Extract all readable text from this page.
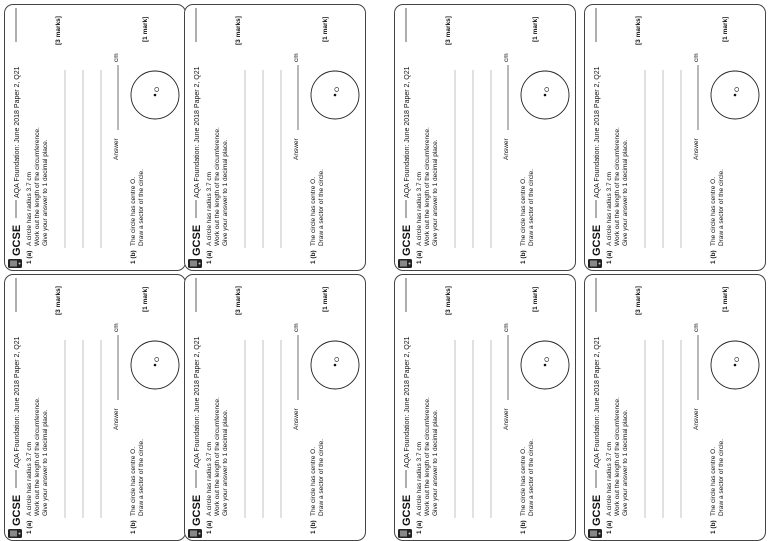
GCSE
AQA Foundation: June 2018 Paper 2, Q21
1 (a)
A circle has radius 3.7 cm Work out the length of the circumference. Give your answer to 1 decimal place.
[3 marks]
Answer
cm
1 (b)
The circle has centre O. Draw a sector of the circle.
O
[1 mark]
GCSE
AQA Foundation: June 2018 Paper 2, Q21
1 (a)
A circle has radius 3.7 cm Work out the length of the circumference. Give your answer to 1 decimal place.
[3 marks]
Answer
cm
1 (b)
The circle has centre O. Draw a sector of the circle.
O
[1 mark]
GCSE
AQA Foundation: June 2018 Paper 2, Q21
1 (a)
A circle has radius 3.7 cm Work out the length of the circumference. Give your answer to 1 decimal place.
[3 marks]
Answer
cm
1 (b)
The circle has centre O. Draw a sector of the circle.
O
[1 mark]
GCSE
AQA Foundation: June 2018 Paper 2, Q21
1 (a)
A circle has radius 3.7 cm Work out the length of the circumference. Give your answer to 1 decimal place.
[3 marks]
Answer
cm
1 (b)
The circle has centre O. Draw a sector of the circle.
O
[1 mark]
GCSE
AQA Foundation: June 2018 Paper 2, Q21
1 (a)
A circle has radius 3.7 cm Work out the length of the circumference. Give your answer to 1 decimal place.
[3 marks]
Answer
cm
1 (b)
The circle has centre O. Draw a sector of the circle.
O
[1 mark]
GCSE
AQA Foundation: June 2018 Paper 2, Q21
1 (a)
A circle has radius 3.7 cm Work out the length of the circumference. Give your answer to 1 decimal place.
[3 marks]
Answer
cm
1 (b)
The circle has centre O. Draw a sector of the circle.
O
[1 mark]
GCSE
AQA Foundation: June 2018 Paper 2, Q21
1 (a)
A circle has radius 3.7 cm Work out the length of the circumference. Give your answer to 1 decimal place.
[3 marks]
Answer
cm
1 (b)
The circle has centre O. Draw a sector of the circle.
O
[1 mark]
GCSE
AQA Foundation: June 2018 Paper 2, Q21
1 (a)
A circle has radius 3.7 cm Work out the length of the circumference. Give your answer to 1 decimal place.
[3 marks]
Answer
cm
1 (b)
The circle has centre O. Draw a sector of the circle.
O
[1 mark]
